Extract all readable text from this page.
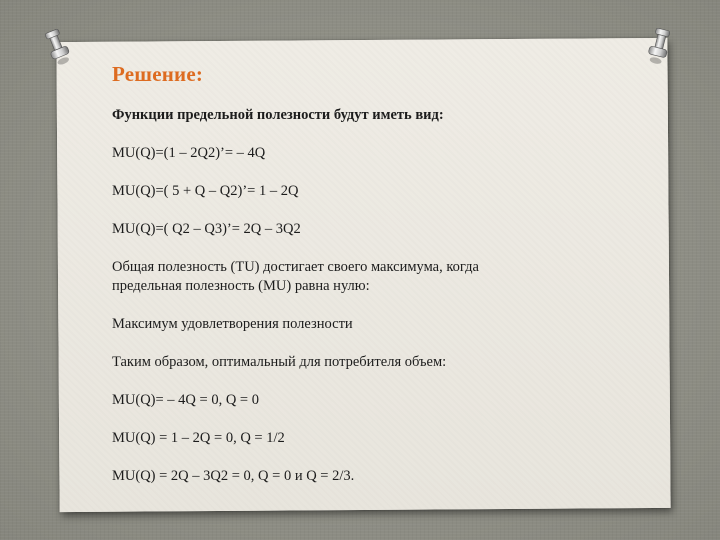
Решение:

Функции предельной полезности будут иметь вид:

MU(Q)=(1 – 2Q2)’= – 4Q

MU(Q)=( 5 + Q – Q2)’= 1 – 2Q

MU(Q)=( Q2 – Q3)’= 2Q – 3Q2

Общая полезность (TU) достигает своего максимума, когда

предельная полезность (MU) равна нулю:

Максимум удовлетворения полезности

Таким образом, оптимальный для потребителя объем:

MU(Q)= – 4Q = 0, Q = 0

MU(Q) = 1 – 2Q = 0, Q = 1/2

MU(Q) = 2Q – 3Q2 = 0, Q = 0 и Q = 2/3.
